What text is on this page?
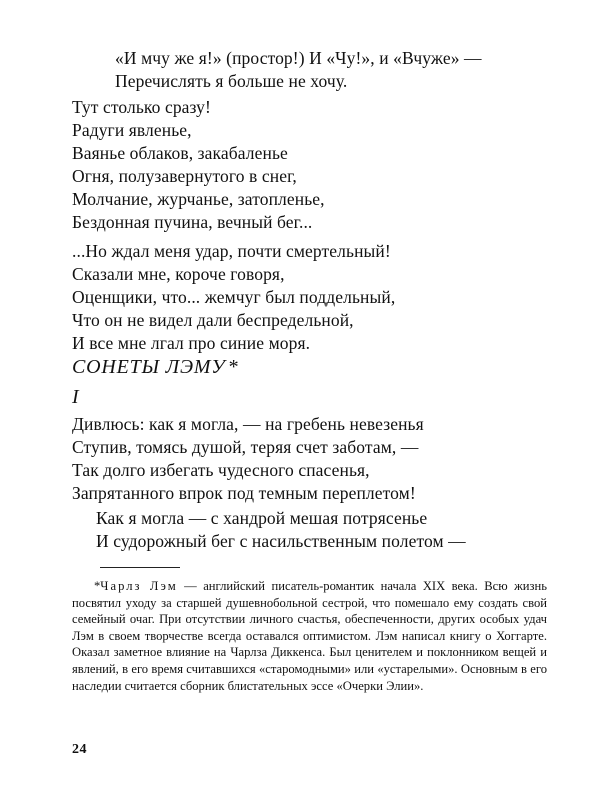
«И мчу же я!» (простор!) И «Чу!», и «Вчуже» —
Перечислять я больше не хочу.
Тут столько сразу!
Радуги явленье,
Ваянье облаков, закабаленье
Огня, полузавернутого в снег,
Молчание, журчанье, затопленье,
Бездонная пучина, вечный бег...
...Но ждал меня удар, почти смертельный!
Сказали мне, короче говоря,
Оценщики, что... жемчуг был поддельный,
Что он не видел дали беспредельной,
И все мне лгал про синие моря.
СОНЕТЫ ЛЭМУ *
I
Дивлюсь: как я могла, — на гребень невезенья
Ступив, томясь душой, теряя счет заботам, —
Так долго избегать чудесного спасенья,
Запрятанного впрок под темным переплетом!
Как я могла — с хандрой мешая потрясенье
И судорожный бег с насильственным полетом —
*Чарлз Лэм — английский писатель-романтик начала XIX века. Всю жизнь посвятил уходу за старшей душевнобольной сестрой, что помешало ему создать свой семейный очаг. При отсутствии личного счастья, обеспеченности, других особых удач Лэм в своем творчестве всегда оставался оптимистом. Лэм написал книгу о Хоггарте. Оказал заметное влияние на Чарлза Диккенса. Был ценителем и поклонником вещей и явлений, в его время считавшихся «старомодными» или «устарелыми». Основным в его наследии считается сборник блистательных эссе «Очерки Элии».
24
